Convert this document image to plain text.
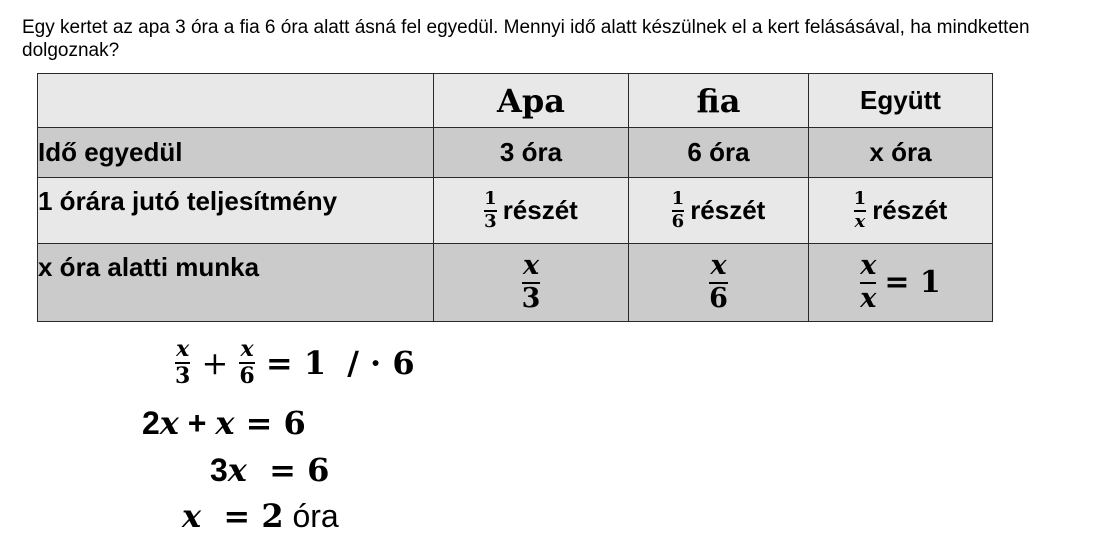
Egy kertet az apa 3 óra a fia 6 óra alatt ásná fel egyedül. Mennyi idő alatt készülnek el a kert felásásával, ha mindketten dolgoznak?

	Apa	fia	Együtt
Idő egyedül	3 óra	6 óra	x óra
1 órára jutó teljesítmény	$\frac{1}{3}$ részét	$\frac{1}{6}$ részét	$\frac{1}{x}$ részét
x óra alatti munka	$\frac{x}{3}$	$\frac{x}{6}$	$\frac{x}{x} = 1$
$\frac{x}{3} + \frac{x}{6} = 1$ / · 6
2x + x = 6
3x  = 6
x  = 2 óra
